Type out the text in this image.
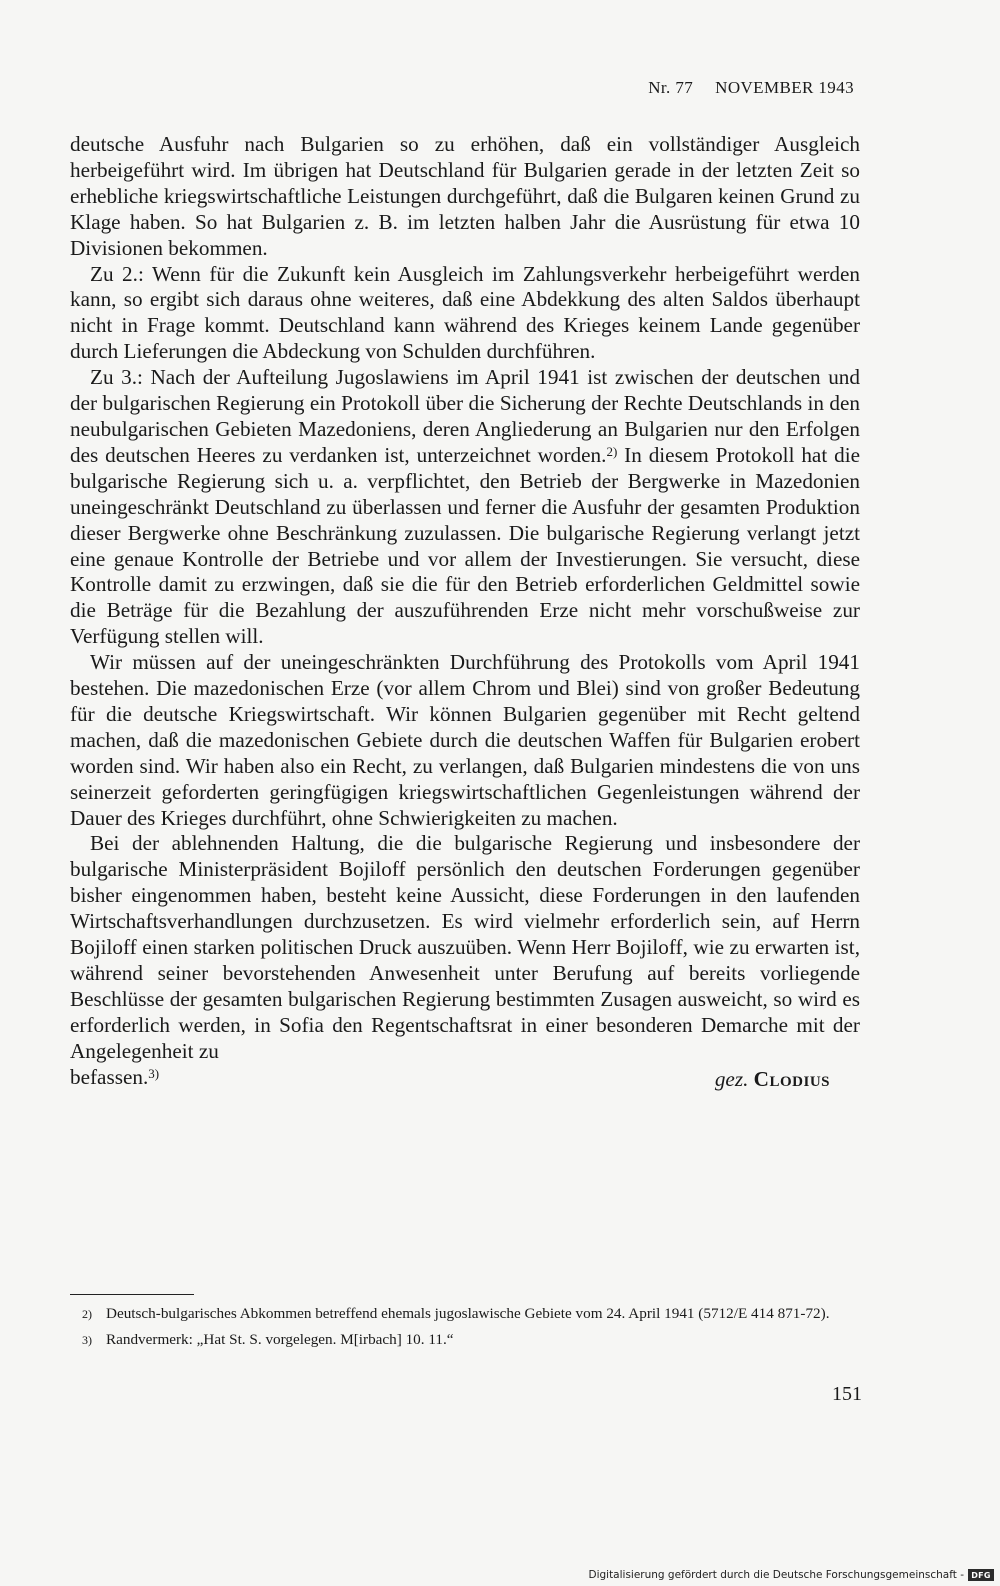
Nr. 77 NOVEMBER 1943

deutsche Ausfuhr nach Bulgarien so zu erhöhen, daß ein vollständiger Ausgleich herbeigeführt wird. Im übrigen hat Deutschland für Bulgarien gerade in der letzten Zeit so erhebliche kriegswirtschaftliche Leistungen durchgeführt, daß die Bulgaren keinen Grund zu Klage haben. So hat Bulgarien z. B. im letzten halben Jahr die Ausrüstung für etwa 10 Divisionen bekommen.

Zu 2.: Wenn für die Zukunft kein Ausgleich im Zahlungsverkehr herbeigeführt werden kann, so ergibt sich daraus ohne weiteres, daß eine Abdekkung des alten Saldos überhaupt nicht in Frage kommt. Deutschland kann während des Krieges keinem Lande gegenüber durch Lieferungen die Abdeckung von Schulden durchführen.

Zu 3.: Nach der Aufteilung Jugoslawiens im April 1941 ist zwischen der deutschen und der bulgarischen Regierung ein Protokoll über die Sicherung der Rechte Deutschlands in den neubulgarischen Gebieten Mazedoniens, deren Angliederung an Bulgarien nur den Erfolgen des deutschen Heeres zu verdanken ist, unterzeichnet worden.$^{2)}$ In diesem Protokoll hat die bulgarische Regierung sich u. a. verpflichtet, den Betrieb der Bergwerke in Mazedonien uneingeschränkt Deutschland zu überlassen und ferner die Ausfuhr der gesamten Produktion dieser Bergwerke ohne Beschränkung zuzulassen. Die bulgarische Regierung verlangt jetzt eine genaue Kontrolle der Betriebe und vor allem der Investierungen. Sie versucht, diese Kontrolle damit zu erzwingen, daß sie die für den Betrieb erforderlichen Geldmittel sowie die Beträge für die Bezahlung der auszuführenden Erze nicht mehr vorschußweise zur Verfügung stellen will.

Wir müssen auf der uneingeschränkten Durchführung des Protokolls vom April 1941 bestehen. Die mazedonischen Erze (vor allem Chrom und Blei) sind von großer Bedeutung für die deutsche Kriegswirtschaft. Wir können Bulgarien gegenüber mit Recht geltend machen, daß die mazedonischen Gebiete durch die deutschen Waffen für Bulgarien erobert worden sind. Wir haben also ein Recht, zu verlangen, daß Bulgarien mindestens die von uns seinerzeit geforderten geringfügigen kriegswirtschaftlichen Gegenleistungen während der Dauer des Krieges durchführt, ohne Schwierigkeiten zu machen.

Bei der ablehnenden Haltung, die die bulgarische Regierung und insbesondere der bulgarische Ministerpräsident Bojiloff persönlich den deutschen Forderungen gegenüber bisher eingenommen haben, besteht keine Aussicht, diese Forderungen in den laufenden Wirtschaftsverhandlungen durchzusetzen. Es wird vielmehr erforderlich sein, auf Herrn Bojiloff einen starken politischen Druck auszuüben. Wenn Herr Bojiloff, wie zu erwarten ist, während seiner bevorstehenden Anwesenheit unter Berufung auf bereits vorliegende Beschlüsse der gesamten bulgarischen Regierung bestimmten Zusagen ausweicht, so wird es erforderlich werden, in Sofia den Regentschaftsrat in einer besonderen Demarche mit der Angelegenheit zu

befassen.$^{3)}$	gez. Clodius
2) Deutsch-bulgarisches Abkommen betreffend ehemals jugoslawische Gebiete vom 24. April 1941 (5712/E 414 871-72).
3) Randvermerk: „Hat St. S. vorgelegen. M[irbach] 10. 11.“
151
Digitalisierung gefördert durch die Deutsche Forschungsgemeinschaft - DFG
